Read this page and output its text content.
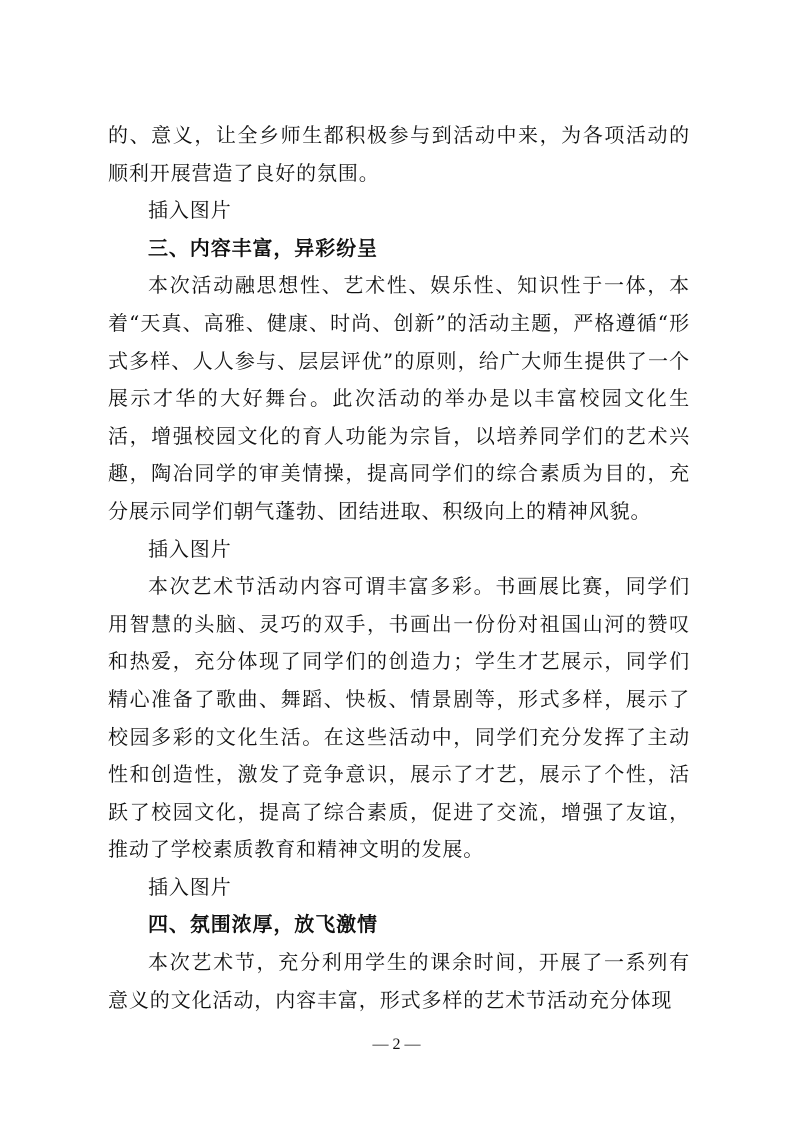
的、意义，让全乡师生都积极参与到活动中来，为各项活动的顺利开展营造了良好的氛围。

插入图片

三、内容丰富，异彩纷呈

本次活动融思想性、艺术性、娱乐性、知识性于一体，本着“天真、高雅、健康、时尚、创新”的活动主题，严格遵循“形式多样、人人参与、层层评优”的原则，给广大师生提供了一个展示才华的大好舞台。此次活动的举办是以丰富校园文化生活，增强校园文化的育人功能为宗旨，以培养同学们的艺术兴趣，陶冶同学的审美情操，提高同学们的综合素质为目的，充分展示同学们朝气蓬勃、团结进取、积级向上的精神风貌。

插入图片

本次艺术节活动内容可谓丰富多彩。书画展比赛，同学们用智慧的头脑、灵巧的双手，书画出一份份对祖国山河的赞叹和热爱，充分体现了同学们的创造力；学生才艺展示，同学们精心准备了歌曲、舞蹈、快板、情景剧等，形式多样，展示了校园多彩的文化生活。在这些活动中，同学们充分发挥了主动性和创造性，激发了竞争意识，展示了才艺，展示了个性，活跃了校园文化，提高了综合素质，促进了交流，增强了友谊，推动了学校素质教育和精神文明的发展。

插入图片

四、氛围浓厚，放飞激情

本次艺术节，充分利用学生的课余时间，开展了一系列有意义的文化活动，内容丰富，形式多样的艺术节活动充分体现

— 2 —
